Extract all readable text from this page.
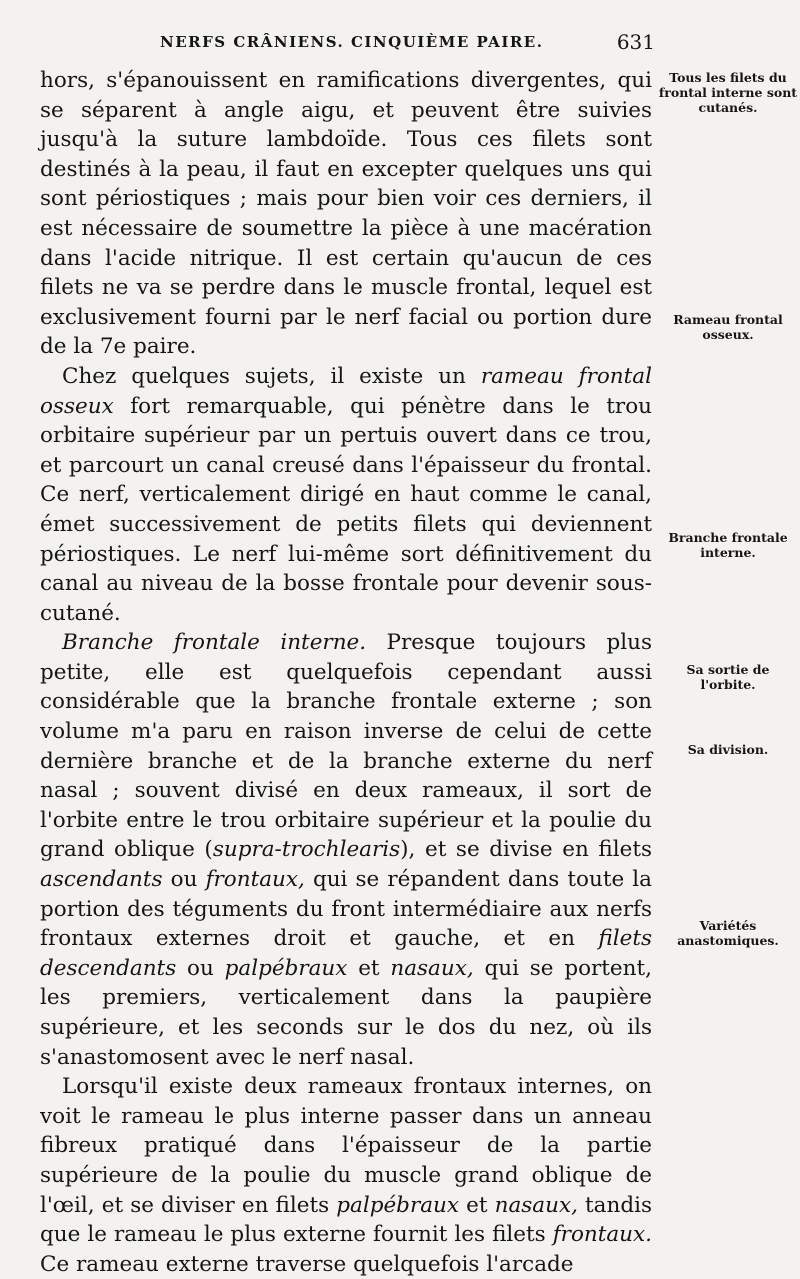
NERFS CRÂNIENS. CINQUIÈME PAIRE.	631

hors, s'épanouissent en ramifications divergentes, qui se séparent à angle aigu, et peuvent être suivies jusqu'à la suture lambdoïde. Tous ces filets sont destinés à la peau, il faut en excepter quelques uns qui sont périostiques ; mais pour bien voir ces derniers, il est nécessaire de soumettre la pièce à une macération dans l'acide nitrique. Il est certain qu'aucun de ces filets ne va se perdre dans le muscle frontal, lequel est exclusivement fourni par le nerf facial ou portion dure de la 7e paire.

Chez quelques sujets, il existe un rameau frontal osseux fort remarquable, qui pénètre dans le trou orbitaire supérieur par un pertuis ouvert dans ce trou, et parcourt un canal creusé dans l'épaisseur du frontal. Ce nerf, verticalement dirigé en haut comme le canal, émet successivement de petits filets qui deviennent périostiques. Le nerf lui-même sort définitivement du canal au niveau de la bosse frontale pour devenir sous-cutané.

Branche frontale interne. Presque toujours plus petite, elle est quelquefois cependant aussi considérable que la branche frontale externe ; son volume m'a paru en raison inverse de celui de cette dernière branche et de la branche externe du nerf nasal ; souvent divisé en deux rameaux, il sort de l'orbite entre le trou orbitaire supérieur et la poulie du grand oblique (supra-trochlearis), et se divise en filets ascendants ou frontaux, qui se répandent dans toute la portion des téguments du front intermédiaire aux nerfs frontaux externes droit et gauche, et en filets descendants ou palpébraux et nasaux, qui se portent, les premiers, verticalement dans la paupière supérieure, et les seconds sur le dos du nez, où ils s'anastomosent avec le nerf nasal.

Lorsqu'il existe deux rameaux frontaux internes, on voit le rameau le plus interne passer dans un anneau fibreux pratiqué dans l'épaisseur de la partie supérieure de la poulie du muscle grand oblique de l'œil, et se diviser en filets palpébraux et nasaux, tandis que le rameau le plus externe fournit les filets frontaux. Ce rameau externe traverse quelquefois l'arcade

Tous les filets du frontal interne sont cutanés.
Rameau frontal osseux.
Branche frontale interne.
Sa sortie de l'orbite.
Sa division.
Variétés anastomiques.
